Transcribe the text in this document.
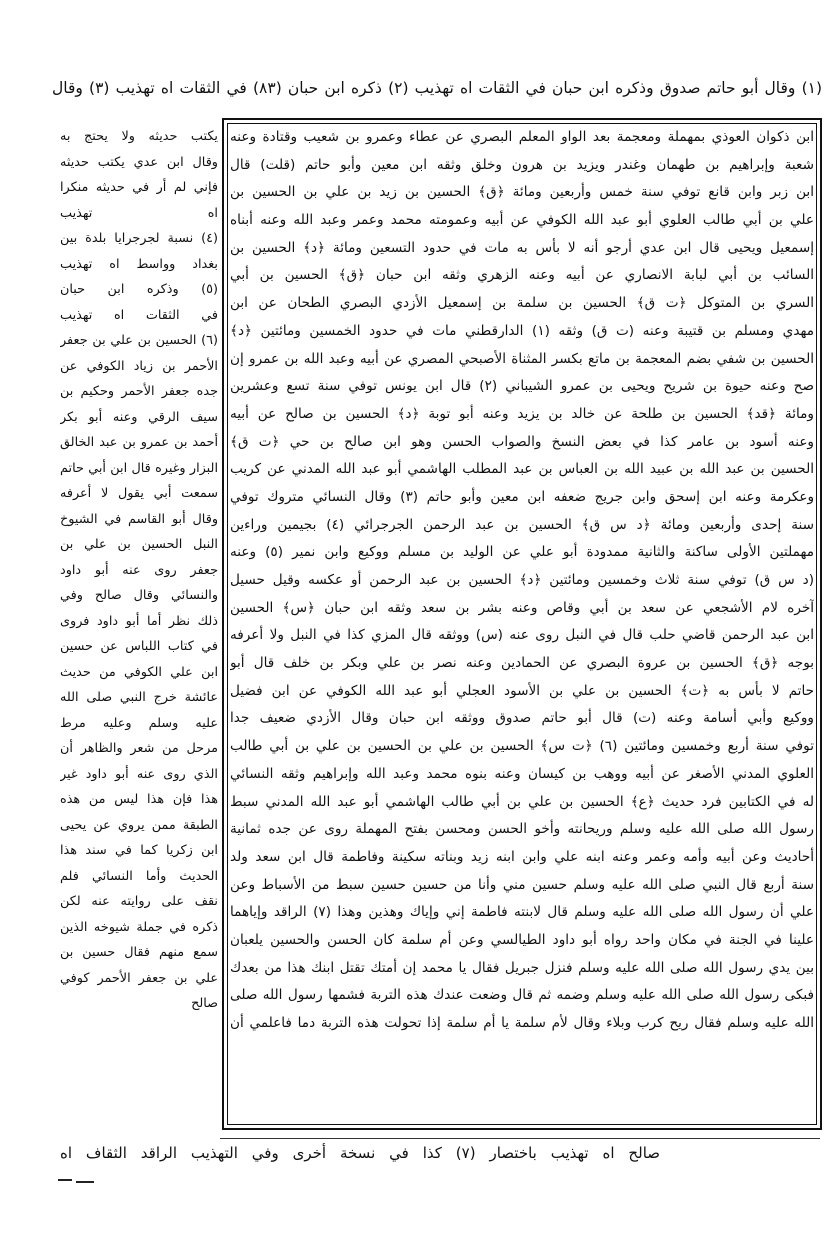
(١) وقال أبو حاتم صدوق وذكره ابن حبان في الثقات اه تهذيب (٢) ذكره ابن حبان (٨٣) في الثقات اه تهذيب (٣) وقال
ابن ذكوان العوذي بمهملة ومعجمة بعد الواو المعلم البصري عن عطاء وعمرو بن شعيب وقتادة وعنه
شعبة وإبراهيم بن طهمان وغندر ويزيد بن هرون وخلق وثقه ابن معين وأبو حاتم (قلت) قال
ابن زبر وابن قانع توفي سنة خمس وأربعين ومائة ﴿ق﴾ الحسين بن زيد بن علي بن الحسين بن
علي بن أبي طالب العلوي أبو عبد الله الكوفي عن أبيه وعمومته محمد وعمر وعبد الله وعنه أبناه
إسمعيل ويحيى قال ابن عدي أرجو أنه لا بأس به مات في حدود التسعين ومائة ﴿د﴾ الحسين بن
السائب بن أبي لبابة الانصاري عن أبيه وعنه الزهري وثقه ابن حبان ﴿ق﴾ الحسين بن أبي
السري بن المتوكل ﴿ت ق﴾ الحسين بن سلمة بن إسمعيل الأزدي البصري الطحان عن ابن
مهدي ومسلم بن قتيبة وعنه (ت ق) وثقه (١) الدارقطني مات في حدود الخمسين ومائتين ﴿د﴾
الحسين بن شفي بضم المعجمة بن ماتع بكسر المثناة الأصبحي المصري عن أبيه وعبد الله بن عمرو إن
صح وعنه حيوة بن شريح ويحيى بن عمرو الشيباني (٢) قال ابن يونس توفي سنة تسع وعشرين
ومائة ﴿قد﴾ الحسين بن طلحة عن خالد بن يزيد وعنه أبو توبة ﴿د﴾ الحسين بن صالح عن أبيه
وعنه أسود بن عامر كذا في بعض النسخ والصواب الحسن وهو ابن صالح بن حي ﴿ت ق﴾
الحسين بن عبد الله بن عبيد الله بن العباس بن عبد المطلب الهاشمي أبو عبد الله المدني عن كريب
وعكرمة وعنه ابن إسحق وابن جريج ضعفه ابن معين وأبو حاتم (٣) وقال النسائي متروك توفي
سنة إحدى وأربعين ومائة ﴿د س ق﴾ الحسين بن عبد الرحمن الجرجرائي (٤) بجيمين وراءين
مهملتين الأولى ساكنة والثانية ممدودة أبو علي عن الوليد بن مسلم ووكيع وابن نمير (٥) وعنه
(د س ق) توفي سنة ثلاث وخمسين ومائتين ﴿د﴾ الحسين بن عبد الرحمن أو عكسه وقيل حسيل
آخره لام الأشجعي عن سعد بن أبي وقاص وعنه بشر بن سعد وثقه ابن حبان ﴿س﴾ الحسين
ابن عبد الرحمن قاضي حلب قال في النبل روى عنه (س) ووثقه قال المزي كذا في النبل ولا أعرفه
بوجه ﴿ق﴾ الحسين بن عروة البصري عن الحمادين وعنه نصر بن علي وبكر بن خلف قال أبو
حاتم لا بأس به ﴿ت﴾ الحسين بن علي بن الأسود العجلي أبو عبد الله الكوفي عن ابن فضيل
ووكيع وأبي أسامة وعنه (ت) قال أبو حاتم صدوق ووثقه ابن حبان وقال الأزدي ضعيف جدا
توفي سنة أربع وخمسين ومائتين (٦) ﴿ت س﴾ الحسين بن علي بن الحسين بن علي بن أبي طالب
العلوي المدني الأصغر عن أبيه ووهب بن كيسان وعنه بنوه محمد وعبد الله وإبراهيم وثقه النسائي
له في الكتابين فرد حديث ﴿ع﴾ الحسين بن علي بن أبي طالب الهاشمي أبو عبد الله المدني سبط
رسول الله صلى الله عليه وسلم وريحانته وأخو الحسن ومحسن بفتح المهملة روى عن جده ثمانية
أحاديث وعن أبيه وأمه وعمر وعنه ابنه علي وابن ابنه زيد وبناته سكينة وفاطمة قال ابن سعد ولد
سنة أربع قال النبي صلى الله عليه وسلم حسين مني وأنا من حسين حسين سبط من الأسباط وعن
علي أن رسول الله صلى الله عليه وسلم قال لابنته فاطمة إني وإياك وهذين وهذا (٧) الراقد وإياهما
علينا في الجنة في مكان واحد رواه أبو داود الطيالسي وعن أم سلمة كان الحسن والحسين يلعبان
بين يدي رسول الله صلى الله عليه وسلم فنزل جبريل فقال يا محمد إن أمتك تقتل ابنك هذا من بعدك
فبكى رسول الله صلى الله عليه وسلم وضمه ثم قال وضعت عندك هذه التربة فشمها رسول الله صلى
الله عليه وسلم فقال ريح كرب وبلاء وقال لأم سلمة يا أم سلمة إذا تحولت هذه التربة دما فاعلمي أن
يكتب حديثه ولا يحتج به
وقال ابن عدي يكتب حديثه
فإني لم أر في حديثه منكرا
اه تهذيب
(٤) نسبة لجرجرايا بلدة بين
بغداد وواسط اه تهذيب
(٥) وذكره ابن حبان
في الثقات اه تهذيب
(٦) الحسين بن علي بن جعفر
الأحمر بن زياد الكوفي عن
جده جعفر الأحمر وحكيم بن
سيف الرقي وعنه أبو بكر
أحمد بن عمرو بن عبد الخالق
البزار وغيره قال ابن أبي حاتم
سمعت أبي يقول لا أعرفه
وقال أبو القاسم في الشيوخ
النبل الحسين بن علي بن
جعفر روى عنه أبو داود
والنسائي وقال صالح وفي
ذلك نظر أما أبو داود فروى
في كتاب اللباس عن حسين
ابن علي الكوفي من حديث
عائشة خرج النبي صلى الله
عليه وسلم وعليه مرط
مرحل من شعر والظاهر أن
الذي روى عنه أبو داود غير
هذا فإن هذا ليس من هذه
الطبقة ممن يروي عن يحيى
ابن زكريا كما في سند هذا
الحديث وأما النسائي فلم
نقف على روايته عنه لكن
ذكره في جملة شيوخه الذين
سمع منهم فقال حسين بن
علي بن جعفر الأحمر كوفي
صالح
صالح اه تهذيب باختصار (٧) كذا في نسخة أخرى وفي التهذيب الراقد الثقاف اه
